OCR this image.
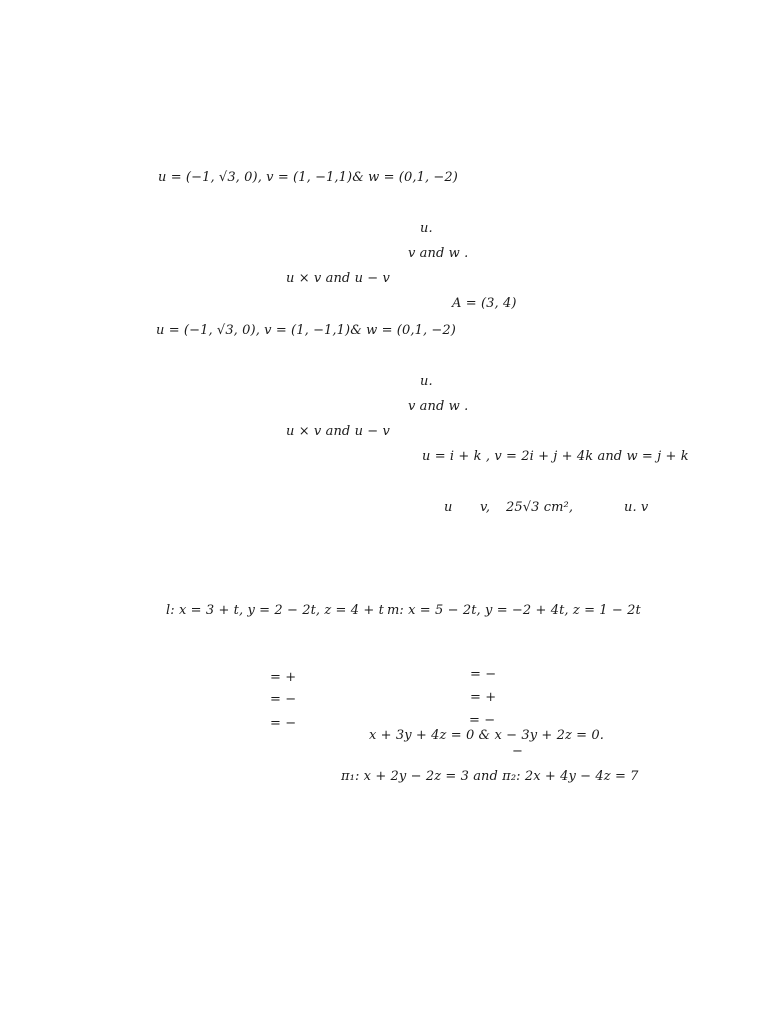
u = (−1, √3, 0), v = (1, −1,1)& w = (0,1, −2)
u.
v and w .
u × v and u − v
A = (3, 4)
u = (−1, √3, 0), v = (1, −1,1)& w = (0,1, −2)
u.
v and w .
u × v and u − v
u = i + k , v = 2i + j + 4k and w = j + k
u v, 25√3 cm²,	u. v
l: x = 3 + t, y = 2 − 2t, z = 4 + t m: x = 5 − 2t, y = −2 + 4t, z = 1 − 2t
= +
= −
= −
= −
= +
= −
x + 3y + 4z = 0 & x − 3y + 2z = 0.
−
π₁: x + 2y − 2z = 3 and π₂: 2x + 4y − 4z = 7
